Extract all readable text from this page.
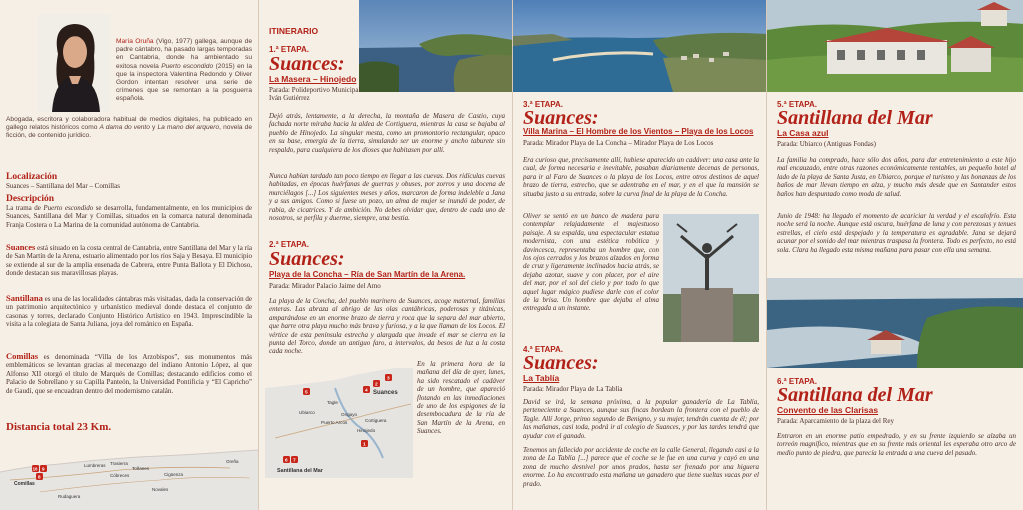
María Oruña (Vigo, 1977) gallega, aunque de padre cántabro, ha pasado largas temporadas en Cantabria, donde ha ambientado su exitosa novela Puerto escondido (2015) en la que la inspectora Valentina Redondo y Oliver Gordon intentan resolver una serie de crímenes que se remontan a la posguerra española.
Abogada, escritora y colaboradora habitual de medios digitales, ha publicado en gallego relatos históricos como A dama do vento y La mano del arquero, novela de ficción, de contenido jurídico.
Localización
Suances – Santillana del Mar – Comillas
Descripción
La trama de Puerto escondido se desarrolla, fundamentalmente, en los municipios de Suances, Santillana del Mar y Comillas, situados en la comarca natural denominada Franja Costera o La Marina de la comunidad autónoma de Cantabria.
Suances está situado en la costa central de Cantabria, entre Santillana del Mar y la ría de San Martín de la Arena, estuario alimentado por los ríos Saja y Besaya. El municipio se extiende al sur de la amplia ensenada de Cabrera, entre Punta Ballota y El Dichoso, donde destacan sus maravillosas playas.
Santillana es una de las localidades cántabras más visitadas, dada la conservación de un patrimonio arquitectónico y urbanístico medieval donde destaca el conjunto de casonas y torres, declarado Conjunto Histórico Artístico en 1943. Imprescindible la visita a la colegiata de Santa Juliana, joya del románico en España.
Comillas es denominada “Villa de los Arzobispos”, sus monumentos más emblemáticos se levantan gracias al mecenazgo del indiano Antonio López, al que Alfonso XII otorgó el título de Marqués de Comillas; destacando edificios como el Palacio de Sobrellano y su Capilla Panteón, la Universidad Pontificia y “El Capricho” de Gaudí, que se encuadran dentro del modernismo catalán.
Distancia total 23 Km.
Comillas
Rudaguera
Cóbreces
Toñanes
Novales
Cigüenza
Oreña
Trasierra
Lumbreras
10 9
8
ITINERARIO
1.ª ETAPA.
Suances:
La Masera – Hinojedo
Parada: Polideportivo Municipal Iván Gutiérrez
Dejó atrás, lentamente, a la derecha, la montaña de Masera de Castio, cuya fachada norte miraba hacia la aldea de Cortiguera, mientras la casa se bajaba al pueblo de Hinojedo. La singular mesta, como un promontorio rectangular, opaco en su base, emergía de la tierra, simulando ser un enorme y ancho taburete sin respaldo, para cualquiera de los dioses que habitasen por allí.
Nunca habían tardado tan poco tiempo en llegar a las cuevas. Dos ridículas cuevas habitadas, en épocas huérfanas de guerras y obuses, por zorros y una docena de murciélagos [...] Los siguientes meses y años, marcaron de forma indeleble a Jana y a sus amigos. Como si fuese un pozo, un alma de mujer se inundó de poder, de rabia, de cicatrices. Y de ambición. No debes olvidar que, dentro de cada uno de nosotros, se perfila y duerme, siempre, una bestia.
2.ª ETAPA.
Suances:
Playa de la Concha – Ría de San Martín de la Arena.
Parada: Mirador Palacio Jaime del Amo
La playa de la Concha, del pueblo marinero de Suances, acoge maternal, familias enteras. Las abraza al abrigo de las olas cantábricas, poderosas y titánicas, amparándose en un enorme brazo de tierra y roca que la separa del mar abierto, que barre otra playa mucho más brava y furiosa, y a la que llaman de los Locos. El vértice de esta península estrecha y alargada que invade el mar se cierra en la punta del Torco, donde un antiguo faro, a intervalos, da besos de luz a la costa cada noche.
Suances
Tagle
Ubiarco	Ongayo
Puerto Arcos	Cortiguera
Hinojedo
Santillana del Mar
1
2
3
4
5
6 7
En la primera hora de la mañana del día de ayer, lunes, ha sido rescatado el cadáver de un hombre, que apareció flotando en las inmediaciones de uno de los espigones de la desembocadura de la ría de San Martín de la Arena, en Suances.
3.ª ETAPA.
Suances:
Villa Marina – El Hombre de los Vientos – Playa de los Locos
Parada: Mirador Playa de La Concha – Mirador Playa de Los Locos
Era curioso que, precisamente allí, hubiese aparecido un cadáver: una casa ante la cual, de forma necesaria e inevitable, pasaban diariamente decenas de personas, para ir al Faro de Suances o la playa de los Locos, entre otros destinos de aquel brazo de tierra, estrecho, que se adentraba en el mar, y en el que la mansión se situaba justo a su entrada, sobre la curva final de la playa de la Concha.
Oliver se sentó en un banco de madera para contemplar relajadamente el majestuoso paisaje. A su espalda, una espectacular estatua modernista, con una estética robótica y davincesca, representaba un hombre que, con los ojos cerrados y los brazos alzados en forma de cruz y ligeramente inclinados hacia atrás, se dejaba azotar, suave y con placer, por el aire del mar, por el sol del cielo y por todo lo que aquel lugar mágico pudiese darle con el color de la brisa. Un hombre que dejaba el alma entregada a un instante.
4.ª ETAPA.
Suances:
La Tablía
Parada: Mirador Playa de La Tablía
David se irá, la semana próxima, a la popular ganadería de La Tablía, perteneciente a Suances, aunque sus fincas bordean la frontera con el pueblo de Tagle. Allí Jorge, primo segundo de Benigno, y su mujer, tendrán cuenta de él; por las mañanas, casi toda, podrá ir al colegio de Suances, y por las tardes tendrá que ayudar con el ganado.
Tenemos un fallecido por accidente de coche en la calle General, llegando casi a la zona de La Tablía [...] parece que el coche se le fue en una curva y cayó en una zona de mucho desnivel por unos prados, hasta ser frenado por una higuera enorme. Lo ha encontrado esta mañana un ganadero que tiene sueltas vacas por el prado.
5.ª ETAPA.
Santillana del Mar
La Casa azul
Parada: Ubiarco (Antiguas Fondas)
La familia ha comprado, hace sólo dos años, para dar entretenimiento a este hijo mal encauzado, entre otras razones económicamente rentables, un pequeño hotel al lado de la playa de Santa Justa, en Ubiarco, porque el turismo y las bonanzas de los baños de mar llevan tiempo en alza, y mucho más desde que en Santander estos baños han despuntado como moda de salud.
Junio de 1948: ha llegado el momento de acariciar la verdad y el escalofrío. Esta noche será la noche. Aunque está oscura, huérfana de luna y con perezosas y tenues estrellas, el cielo está despejado y la temperatura es agradable. Jana se dejará acunar por el sonido del mar mientras traspasa la frontera. Todo es perfecto, no está sola. Clara ha llegado esta misma mañana para pasar con ella una semana.
6.ª ETAPA.
Santillana del Mar
Convento de las Clarisas
Parada: Aparcamiento de la plaza del Rey
Entraron en un enorme patio empedrado, y en su frente izquierdo se alzaba un torreón magnífico, mientras que en su frente más oriental les esperaba otro arco de medio punto de piedra, que parecía la entrada a una cueva del pasado.
